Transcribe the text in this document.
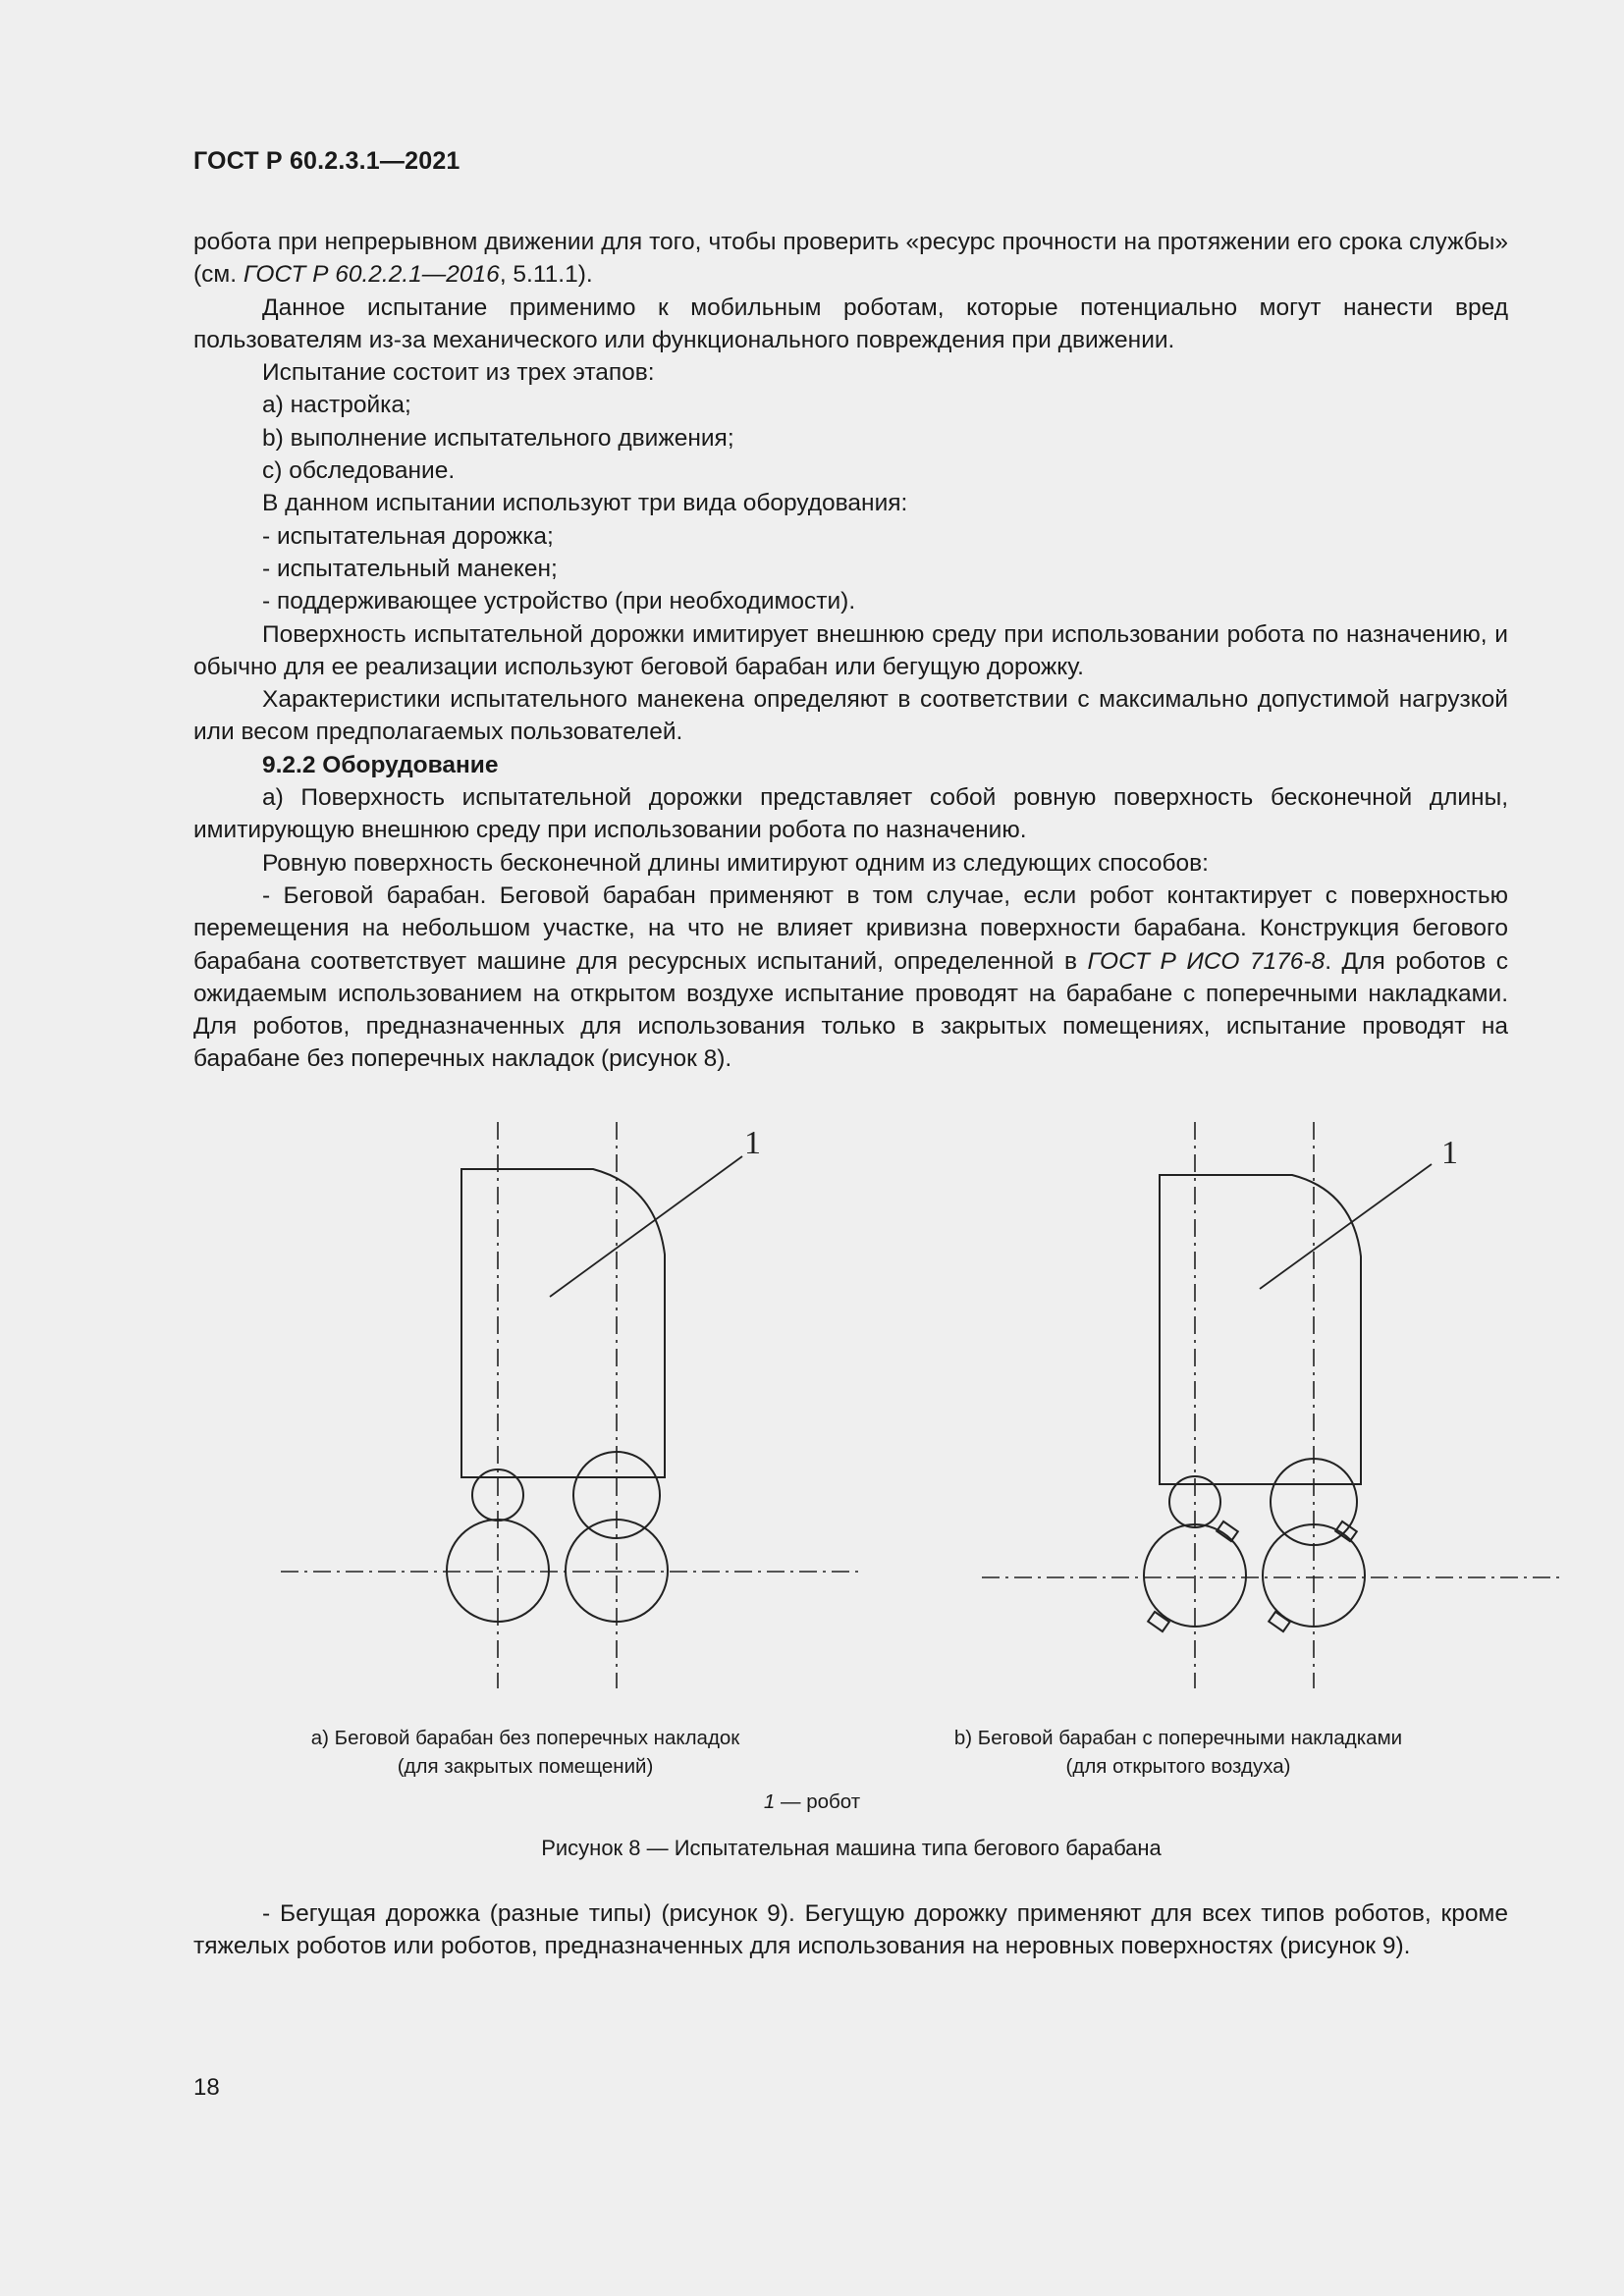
ГОСТ Р 60.2.3.1—2021

робота при непрерывном движении для того, чтобы проверить «ресурс прочности на протяжении его срока службы» (см. ГОСТ Р 60.2.2.1—2016, 5.11.1).

Данное испытание применимо к мобильным роботам, которые потенциально могут нанести вред пользователям из-за механического или функционального повреждения при движении.

Испытание состоит из трех этапов:

a) настройка;

b) выполнение испытательного движения;

c) обследование.

В данном испытании используют три вида оборудования:

- испытательная дорожка;

- испытательный манекен;

- поддерживающее устройство (при необходимости).

Поверхность испытательной дорожки имитирует внешнюю среду при использовании робота по назначению, и обычно для ее реализации используют беговой барабан или бегущую дорожку.

Характеристики испытательного манекена определяют в соответствии с максимально допустимой нагрузкой или весом предполагаемых пользователей.

9.2.2 Оборудование

а) Поверхность испытательной дорожки представляет собой ровную поверхность бесконечной длины, имитирующую внешнюю среду при использовании робота по назначению.

Ровную поверхность бесконечной длины имитируют одним из следующих способов:

- Беговой барабан. Беговой барабан применяют в том случае, если робот контактирует с поверхностью перемещения на небольшом участке, на что не влияет кривизна поверхности барабана. Конструкция бегового барабана соответствует машине для ресурсных испытаний, определенной в ГОСТ Р ИСО 7176-8. Для роботов с ожидаемым использованием на открытом воздухе испытание проводят на барабане с поперечными накладками. Для роботов, предназначенных для использования только в закрытых помещениях, испытание проводят на барабане без поперечных накладок (рисунок 8).

1	1
а) Беговой барабан без поперечных накладок
(для закрытых помещений)
b) Беговой барабан с поперечными накладками
(для открытого воздуха)
1 — робот
Рисунок 8 — Испытательная машина типа бегового барабана

- Бегущая дорожка (разные типы) (рисунок 9). Бегущую дорожку применяют для всех типов роботов, кроме тяжелых роботов или роботов, предназначенных для использования на неровных поверхностях (рисунок 9).

18
